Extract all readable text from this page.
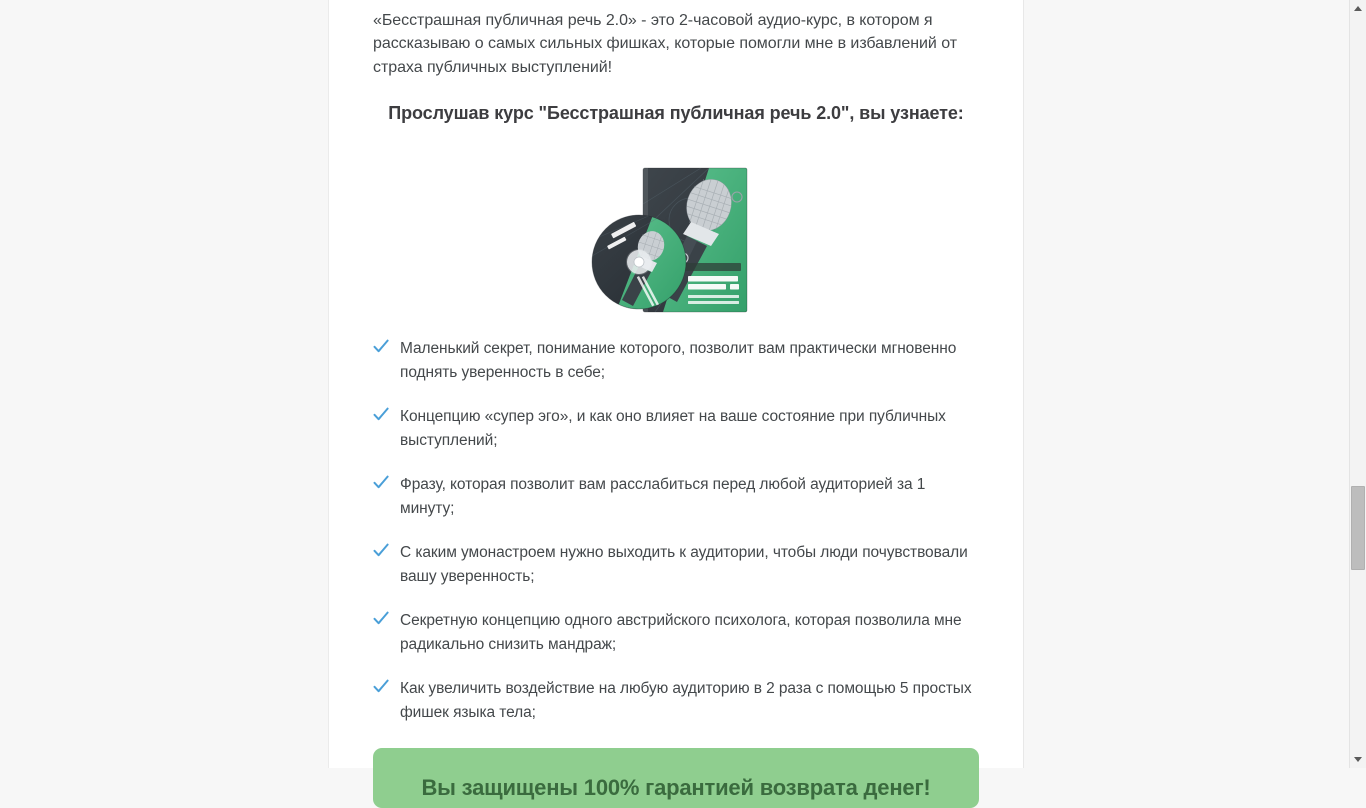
«Бесстрашная публичная речь 2.0» - это 2-часовой аудио-курс, в котором я рассказываю о самых сильных фишках, которые помогли мне в избавлений от страха публичных выступлений!

Прослушав курс "Бесстрашная публичная речь 2.0", вы узнаете:
Маленький секрет, понимание которого, позволит вам практически мгновенно поднять уверенность в себе;
Концепцию «супер эго», и как оно влияет на ваше состояние при публичных выступлений;
Фразу, которая позволит вам расслабиться перед любой аудиторией за 1 минуту;
С каким умонастроем нужно выходить к аудитории, чтобы люди почувствовали вашу уверенность;
Секретную концепцию одного австрийского психолога, которая позволила мне радикально снизить мандраж;
Как увеличить воздействие на любую аудиторию в 2 раза с помощью 5 простых фишек языка тела;
Вы защищены 100% гарантией возврата денег!
